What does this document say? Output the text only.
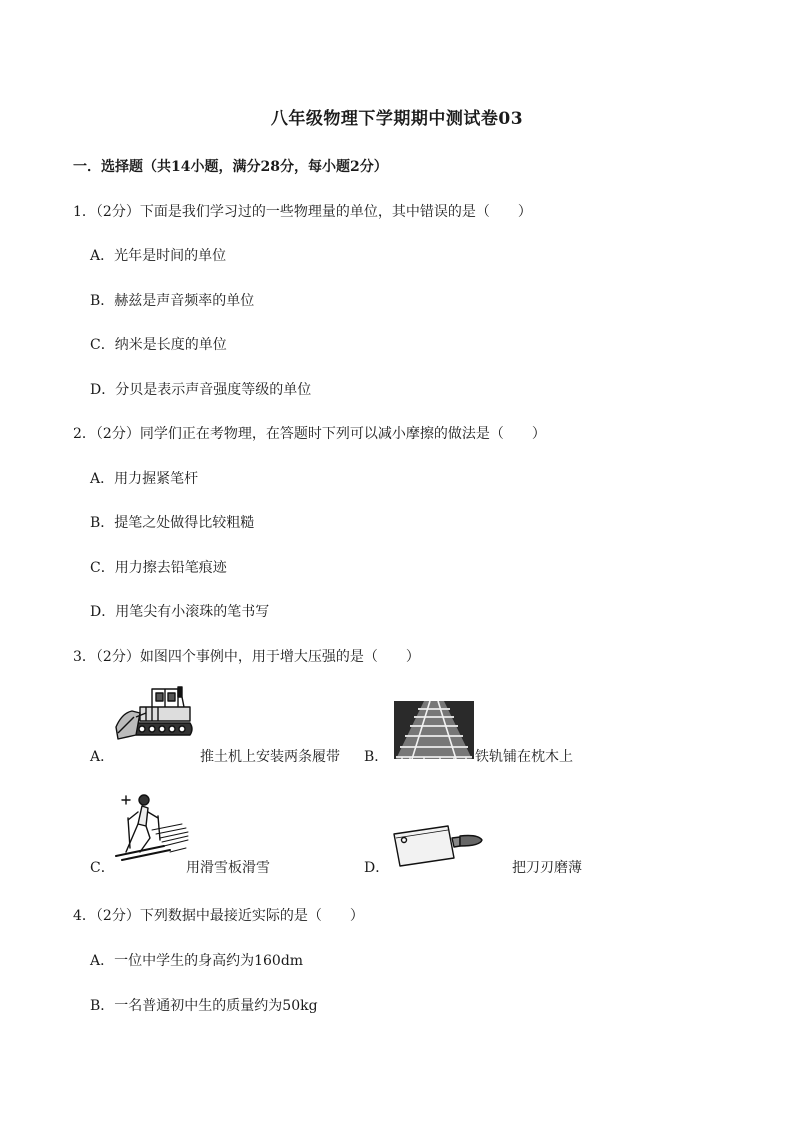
八年级物理下学期期中测试卷03
一．选择题（共14小题，满分28分，每小题2分）
1．（2分）下面是我们学习过的一些物理量的单位，其中错误的是（　　）
A．光年是时间的单位
B．赫兹是声音频率的单位
C．纳米是长度的单位
D．分贝是表示声音强度等级的单位
2．（2分）同学们正在考物理，在答题时下列可以减小摩擦的做法是（　　）
A．用力握紧笔杆
B．提笔之处做得比较粗糙
C．用力擦去铅笔痕迹
D．用笔尖有小滚珠的笔书写
3．（2分）如图四个事例中，用于增大压强的是（　　）
A．	推土机上安装两条履带 B．	铁轨铺在枕木上
C．	用滑雪板滑雪	D．	把刀刃磨薄
4．（2分）下列数据中最接近实际的是（　　）
A．一位中学生的身高约为160dm
B．一名普通初中生的质量约为50kg
